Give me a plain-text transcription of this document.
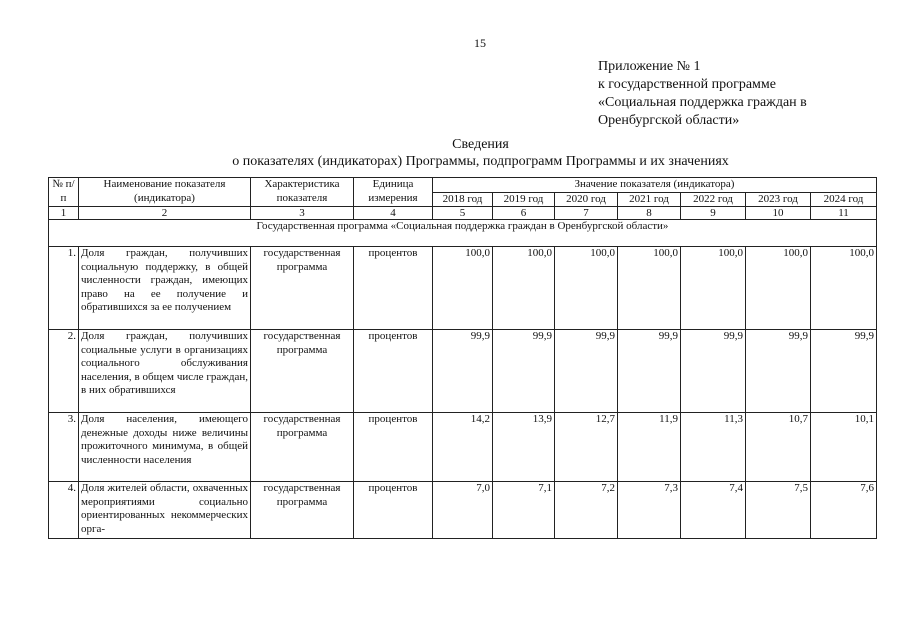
15
Приложение № 1
к государственной программе
«Социальная поддержка граждан в
Оренбургской области»
Сведения
о показателях (индикаторах) Программы, подпрограмм Программы и их значениях
№ п/п	Наименование показателя (индикатора)	Характеристика показателя	Единица измерения	Значение показателя (индикатора)						
				2018 год	2019 год	2020 год	2021 год	2022 год	2023 год	2024 год
1	2	3	4	5	6	7	8	9	10	11
Государственная программа «Социальная поддержка граждан в Оренбургской области»										
1.	Доля граждан, получивших социальную поддержку, в общей численности граждан, имеющих право на ее получение и обратившихся за ее получением	государственная программа	процентов	100,0	100,0	100,0	100,0	100,0	100,0	100,0
2.	Доля граждан, получивших социальные услуги в организациях социального обслуживания населения, в общем числе граждан, в них обратившихся	государственная программа	процентов	99,9	99,9	99,9	99,9	99,9	99,9	99,9
3.	Доля населения, имеющего денежные доходы ниже величины прожиточного минимума, в общей численности населения	государственная программа	процентов	14,2	13,9	12,7	11,9	11,3	10,7	10,1
4.	Доля жителей области, охваченных мероприятиями социально ориентированных некоммерческих орга-	государственная программа	процентов	7,0	7,1	7,2	7,3	7,4	7,5	7,6
